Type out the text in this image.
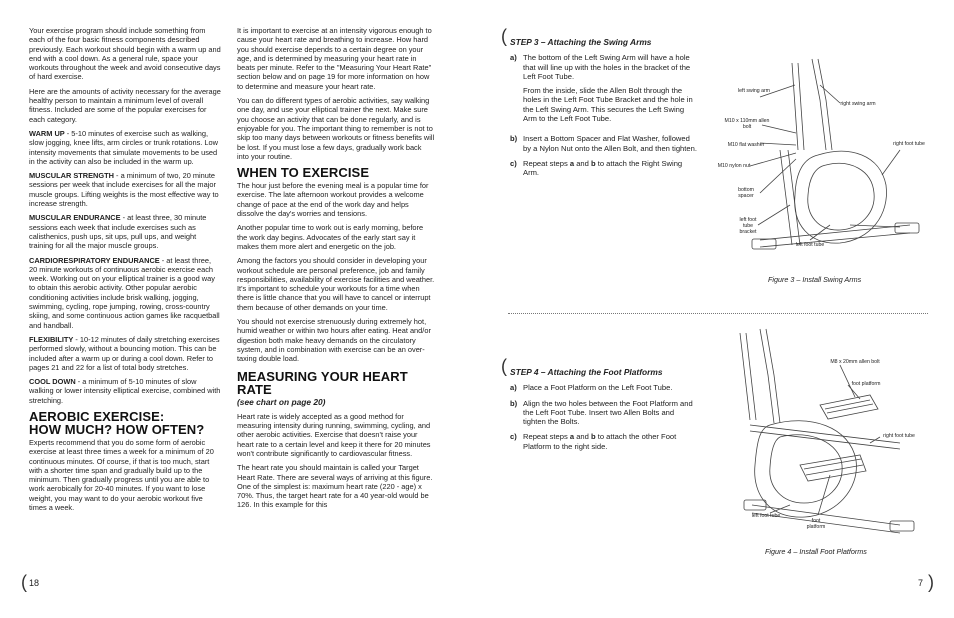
Your exercise program should include something from each of the four basic fitness components described previously. Each workout should begin with a warm up and end with a cool down. As a general rule, space your workouts throughout the week and avoid consecutive days of hard exercise.

Here are the amounts of activity necessary for the average healthy person to maintain a minimum level of overall fitness. Included are some of the popular exercises for each category.

WARM UP - 5-10 minutes of exercise such as walking, slow jogging, knee lifts, arm circles or trunk rotations. Low intensity movements that simulate movements to be used in the activity can also be included in the warm up.

MUSCULAR STRENGTH - a minimum of two, 20 minute sessions per week that include exercises for all the major muscle groups. Lifting weights is the most effective way to increase strength.

MUSCULAR ENDURANCE - at least three, 30 minute sessions each week that include exercises such as calisthenics, push ups, sit ups, pull ups, and weight training for all the major muscle groups.

CARDIORESPIRATORY ENDURANCE - at least three, 20 minute workouts of continuous aerobic exercise each week. Working out on your elliptical trainer is a good way to obtain this aerobic activity. Other popular aerobic conditioning activities include brisk walking, jogging, swimming, cycling, rope jumping, rowing, cross-country skiing, and some continuous action games like racquetball and handball.

FLEXIBILITY - 10-12 minutes of daily stretching exercises performed slowly, without a bouncing motion. This can be included after a warm up or during a cool down. Refer to pages 21 and 22 for a list of total body stretches.

COOL DOWN - a minimum of 5-10 minutes of slow walking or lower intensity elliptical exercise, combined with stretching.

AEROBIC EXERCISE:
HOW MUCH? HOW OFTEN?

Experts recommend that you do some form of aerobic exercise at least three times a week for a minimum of 20 continuous minutes. Of course, if that is too much, start with a shorter time span and gradually build up to the minimum. Then gradually progress until you are able to work aerobically for 20-40 minutes. If you want to lose weight, you may want to do your aerobic workout five times a week.

It is important to exercise at an intensity vigorous enough to cause your heart rate and breathing to increase. How hard you should exercise depends to a certain degree on your age, and is determined by measuring your heart rate in beats per minute. Refer to the "Measuring Your Heart Rate" section below and on page 19 for more information on how to determine and measure your heart rate.

You can do different types of aerobic activities, say walking one day, and use your elliptical trainer the next. Make sure you choose an activity that can be done regularly, and is enjoyable for you. The important thing to remember is not to skip too many days between workouts or fitness benefits will be lost. If you must lose a few days, gradually work back into your routine.

WHEN TO EXERCISE

The hour just before the evening meal is a popular time for exercise. The late afternoon workout provides a welcome change of pace at the end of the work day and helps dissolve the day's worries and tensions.

Another popular time to work out is early morning, before the work day begins. Advocates of the early start say it makes them more alert and energetic on the job.

Among the factors you should consider in developing your workout schedule are personal preference, job and family responsibilities, availability of exercise facilities and weather. It's important to schedule your workouts for a time when there is little chance that you will have to cancel or interrupt them because of other demands on your time.

You should not exercise strenuously during extremely hot, humid weather or within two hours after eating. Heat and/or digestion both make heavy demands on the circulatory system, and in combination with exercise can be an over-taxing double load.

MEASURING YOUR HEART RATE
(see chart on page 20)

Heart rate is widely accepted as a good method for measuring intensity during running, swimming, cycling, and other aerobic activities. Exercise that doesn't raise your heart rate to a certain level and keep it there for 20 minutes won't contribute significantly to cardiovascular fitness.

The heart rate you should maintain is called your Target Heart Rate. There are several ways of arriving at this figure. One of the simplest is: maximum heart rate (220 - age) x 70%. Thus, the target heart rate for a 40 year-old would be 126. In this example for this

( STEP 3 – Attaching the Swing Arms
a) The bottom of the Left Swing Arm will have a hole that will line up with the holes in the bracket of the Left Foot Tube.

From the inside, slide the Allen Bolt through the holes in the Left Foot Tube Bracket and the hole in the Left Swing Arm. This secures the Left Swing Arm to the Left Foot Tube.

b) Insert a Bottom Spacer and Flat Washer, followed by a Nylon Nut onto the Allen Bolt, and then tighten.
c) Repeat steps a and b to attach the Right Swing Arm.
left swing arm
right swing arm
M10 x 110mm allen bolt
M10 flat washer
M10 nylon nut
bottom spacer
left foot tube bracket
left foot tube
right foot tube
Figure 3 – Install Swing Arms
( STEP 4 – Attaching the Foot Platforms
a) Place a Foot Platform on the Left Foot Tube.
b) Align the two holes between the Foot Platform and the Left Foot Tube. Insert two Allen Bolts and tighten the Bolts.
c) Repeat steps a and b to attach the other Foot Platform to the right side.
M8 x 20mm allen bolt
foot platform
right foot tube
left foot tube
foot platform
Figure 4 – Install Foot Platforms
( 18	7 )
